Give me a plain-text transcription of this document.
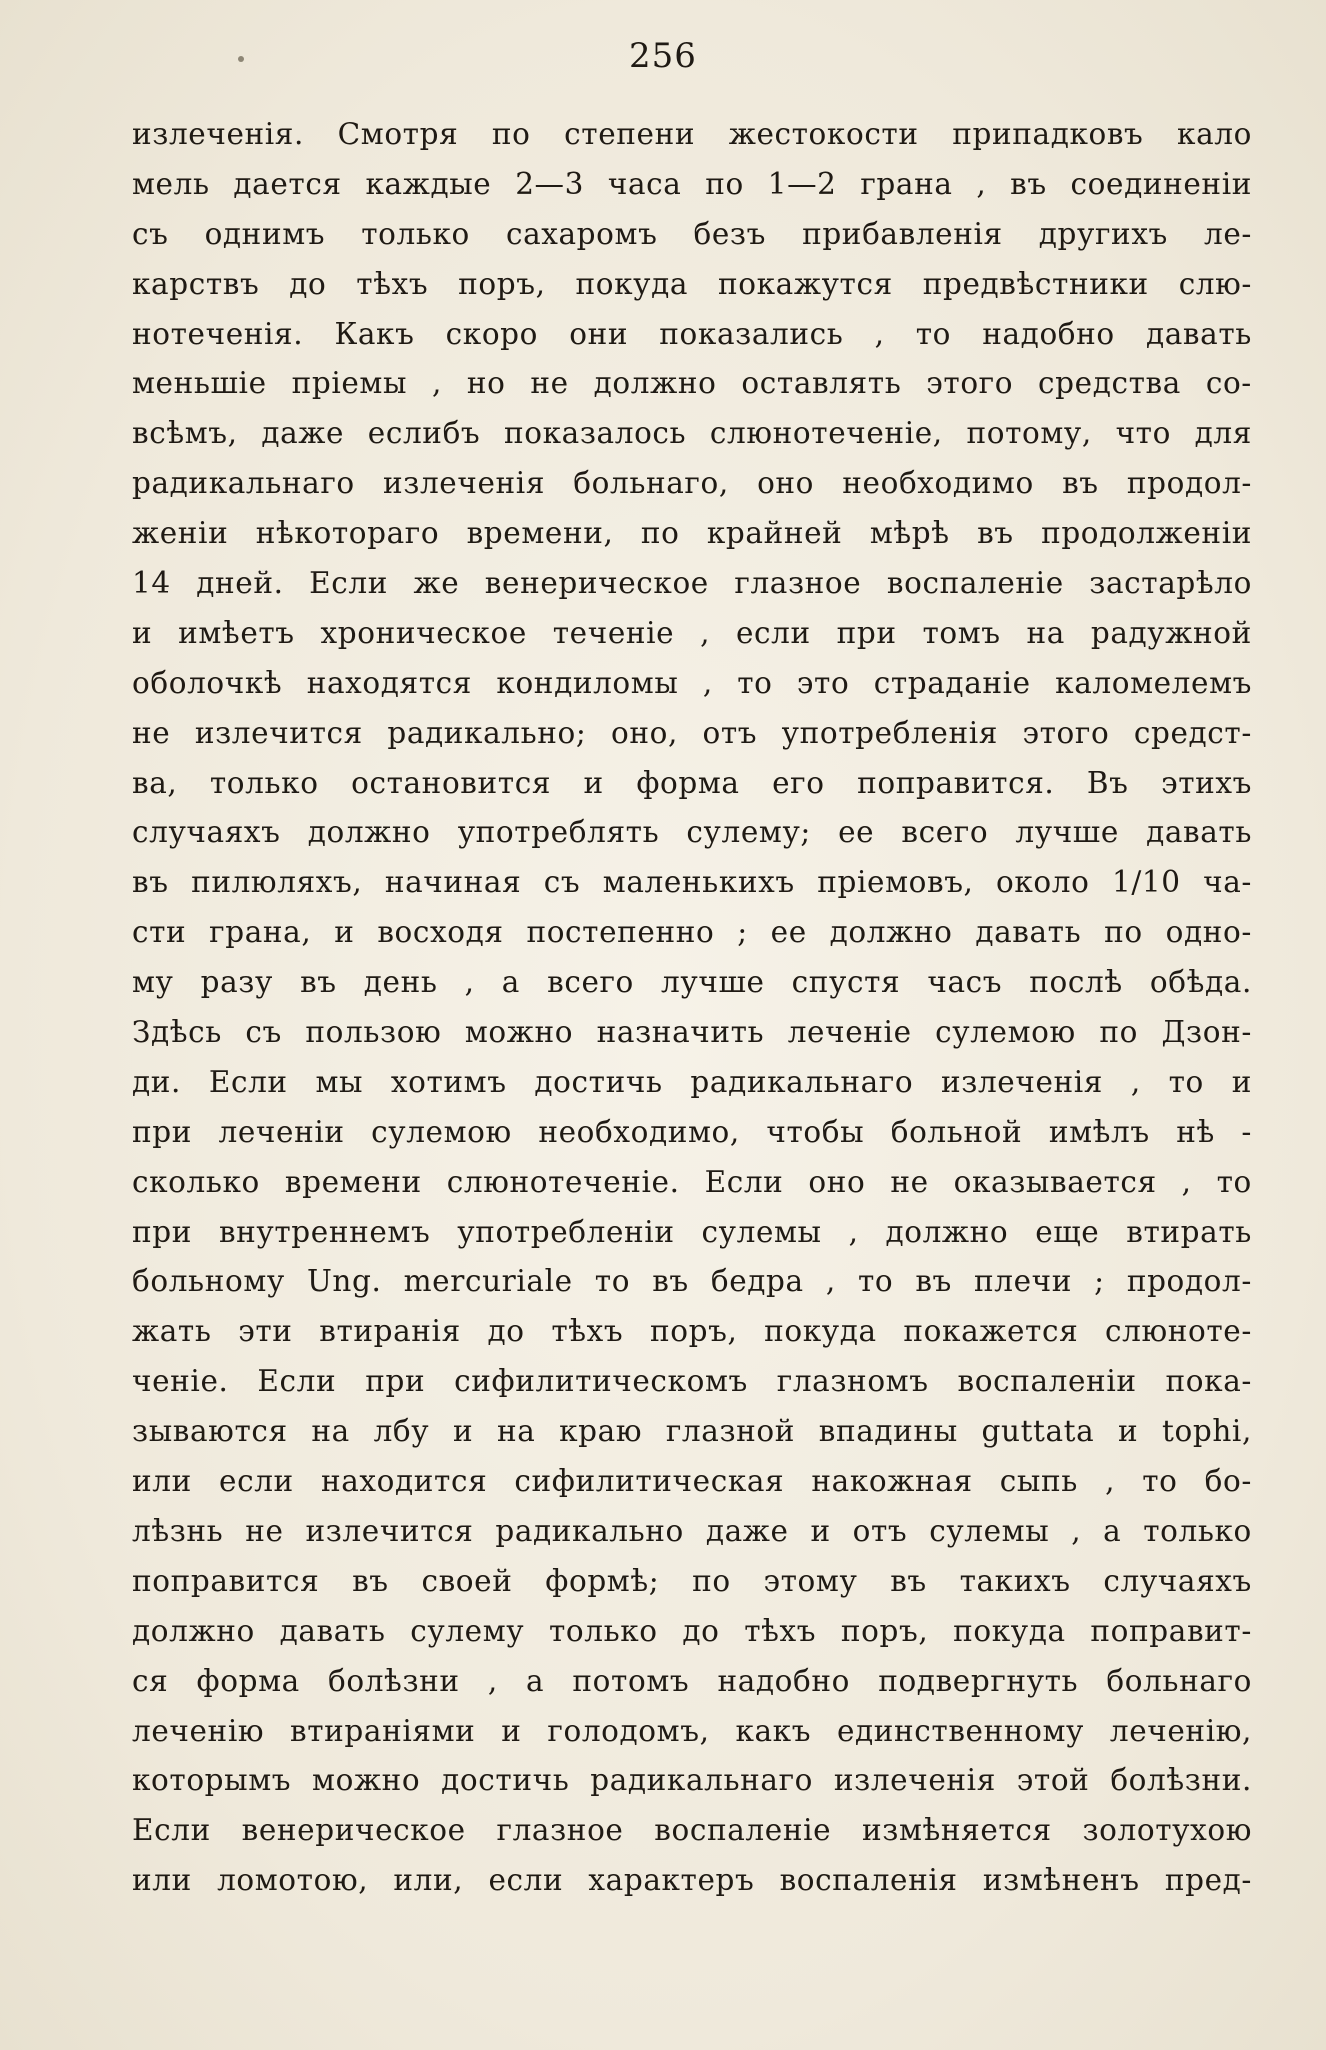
256
излеченія. Смотря по степени жестокости припадковъ кало
мель дается каждые 2—3 часа по 1—2 грана , въ соединеніи
съ однимъ только сахаромъ безъ прибавленія другихъ ле-
карствъ до тѣхъ поръ, покуда покажутся предвѣстники слю-
нотеченія. Какъ скоро они показались , то надобно давать
меньшіе пріемы , но не должно оставлять этого средства со-
всѣмъ, даже еслибъ показалось слюнотеченіе, потому, что для
радикальнаго излеченія больнаго, оно необходимо въ продол-
женіи нѣкотораго времени, по крайней мѣрѣ въ продолженіи
14 дней. Если же венерическое глазное воспаленіе застарѣло
и имѣетъ хроническое теченіе , если при томъ на радужной
оболочкѣ находятся кондиломы , то это страданіе каломелемъ
не излечится радикально; оно, отъ употребленія этого средст-
ва, только остановится и форма его поправится. Въ этихъ
случаяхъ должно употреблять сулему; ее всего лучше давать
въ пилюляхъ, начиная съ маленькихъ пріемовъ, около 1/10 ча-
сти грана, и восходя постепенно ; ее должно давать по одно-
му разу въ день , а всего лучше спустя часъ послѣ обѣда.
Здѣсь съ пользою можно назначить леченіе сулемою по Дзон-
ди. Если мы хотимъ достичь радикальнаго излеченія , то и
при леченіи сулемою необходимо, чтобы больной имѣлъ нѣ -
сколько времени слюнотеченіе. Если оно не оказывается , то
при внутреннемъ употребленіи сулемы , должно еще втирать
больному Ung. mercuriale то въ бедра , то въ плечи ; продол-
жать эти втиранія до тѣхъ поръ, покуда покажется слюноте-
ченіе. Если при сифилитическомъ глазномъ воспаленіи пока-
зываются на лбу и на краю глазной впадины guttata и tophi,
или если находится сифилитическая накожная сыпь , то бо-
лѣзнь не излечится радикально даже и отъ сулемы , а только
поправится въ своей формѣ; по этому въ такихъ случаяхъ
должно давать сулему только до тѣхъ поръ, покуда поправит-
ся форма болѣзни , а потомъ надобно подвергнуть больнаго
леченію втираніями и голодомъ, какъ единственному леченію,
которымъ можно достичь радикальнаго излеченія этой болѣзни.
Если венерическое глазное воспаленіе измѣняется золотухою
или ломотою, или, если характеръ воспаленія измѣненъ пред-
